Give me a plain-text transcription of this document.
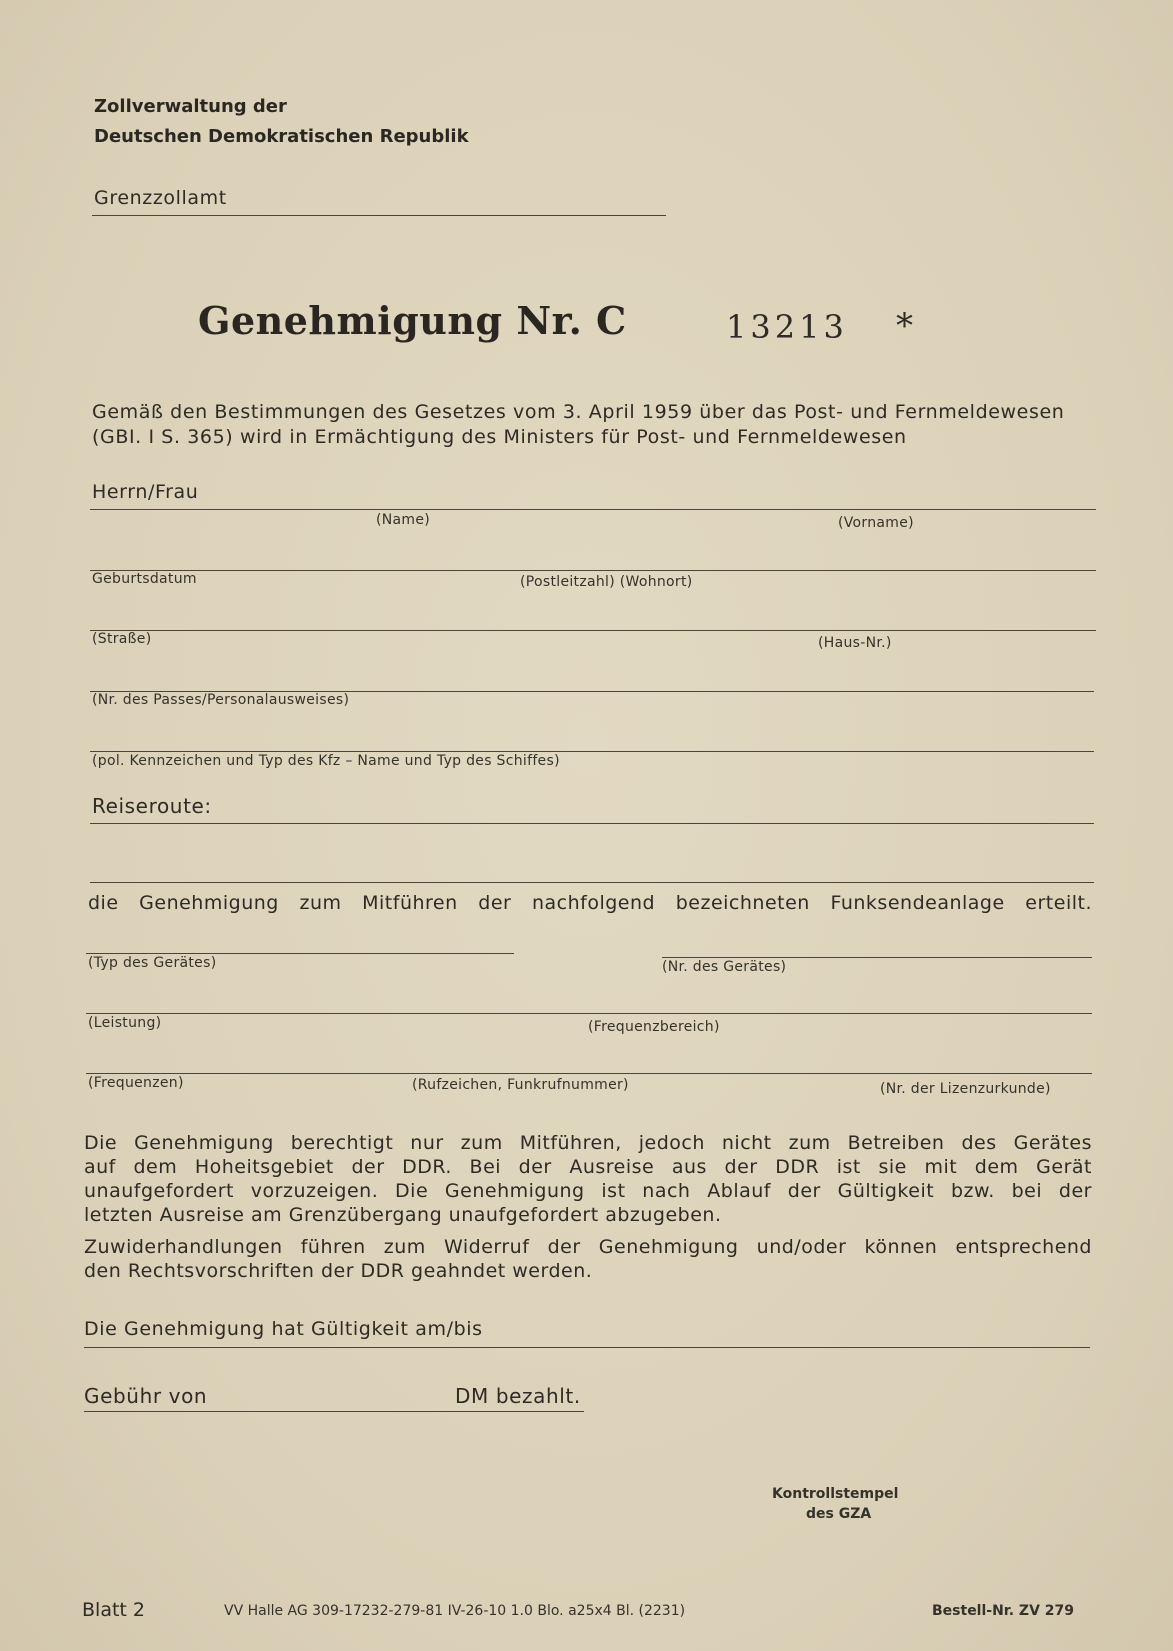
Zollverwaltung der
Deutschen Demokratischen Republik
Grenzzollamt
Genehmigung Nr. C	13213 *
Gemäß den Bestimmungen des Gesetzes vom 3. April 1959 über das Post- und Fernmeldewesen
(GBI. I S. 365) wird in Ermächtigung des Ministers für Post- und Fernmeldewesen
Herrn/Frau
(Name)	(Vorname)
Geburtsdatum	(Postleitzahl) (Wohnort)
(Straße)	(Haus-Nr.)
(Nr. des Passes/Personalausweises)
(pol. Kennzeichen und Typ des Kfz – Name und Typ des Schiffes)
Reiseroute:
die Genehmigung zum Mitführen der nachfolgend bezeichneten Funksendeanlage erteilt.
(Typ des Gerätes)	(Nr. des Gerätes)
(Leistung)	(Frequenzbereich)
(Frequenzen)	(Rufzeichen, Funkrufnummer)	(Nr. der Lizenzurkunde)
Die Genehmigung berechtigt nur zum Mitführen, jedoch nicht zum Betreiben des Gerätes
auf dem Hoheitsgebiet der DDR. Bei der Ausreise aus der DDR ist sie mit dem Gerät
unaufgefordert vorzuzeigen. Die Genehmigung ist nach Ablauf der Gültigkeit bzw. bei der
letzten Ausreise am Grenzübergang unaufgefordert abzugeben.
Zuwiderhandlungen führen zum Widerruf der Genehmigung und/oder können entsprechend
den Rechtsvorschriften der DDR geahndet werden.
Die Genehmigung hat Gültigkeit am/bis
Gebühr von	DM bezahlt.
Kontrollstempel
des GZA
Blatt 2	VV Halle AG 309-17232-279-81 IV-26-10 1.0 Blo. a25x4 Bl. (2231)	Bestell-Nr. ZV 279
